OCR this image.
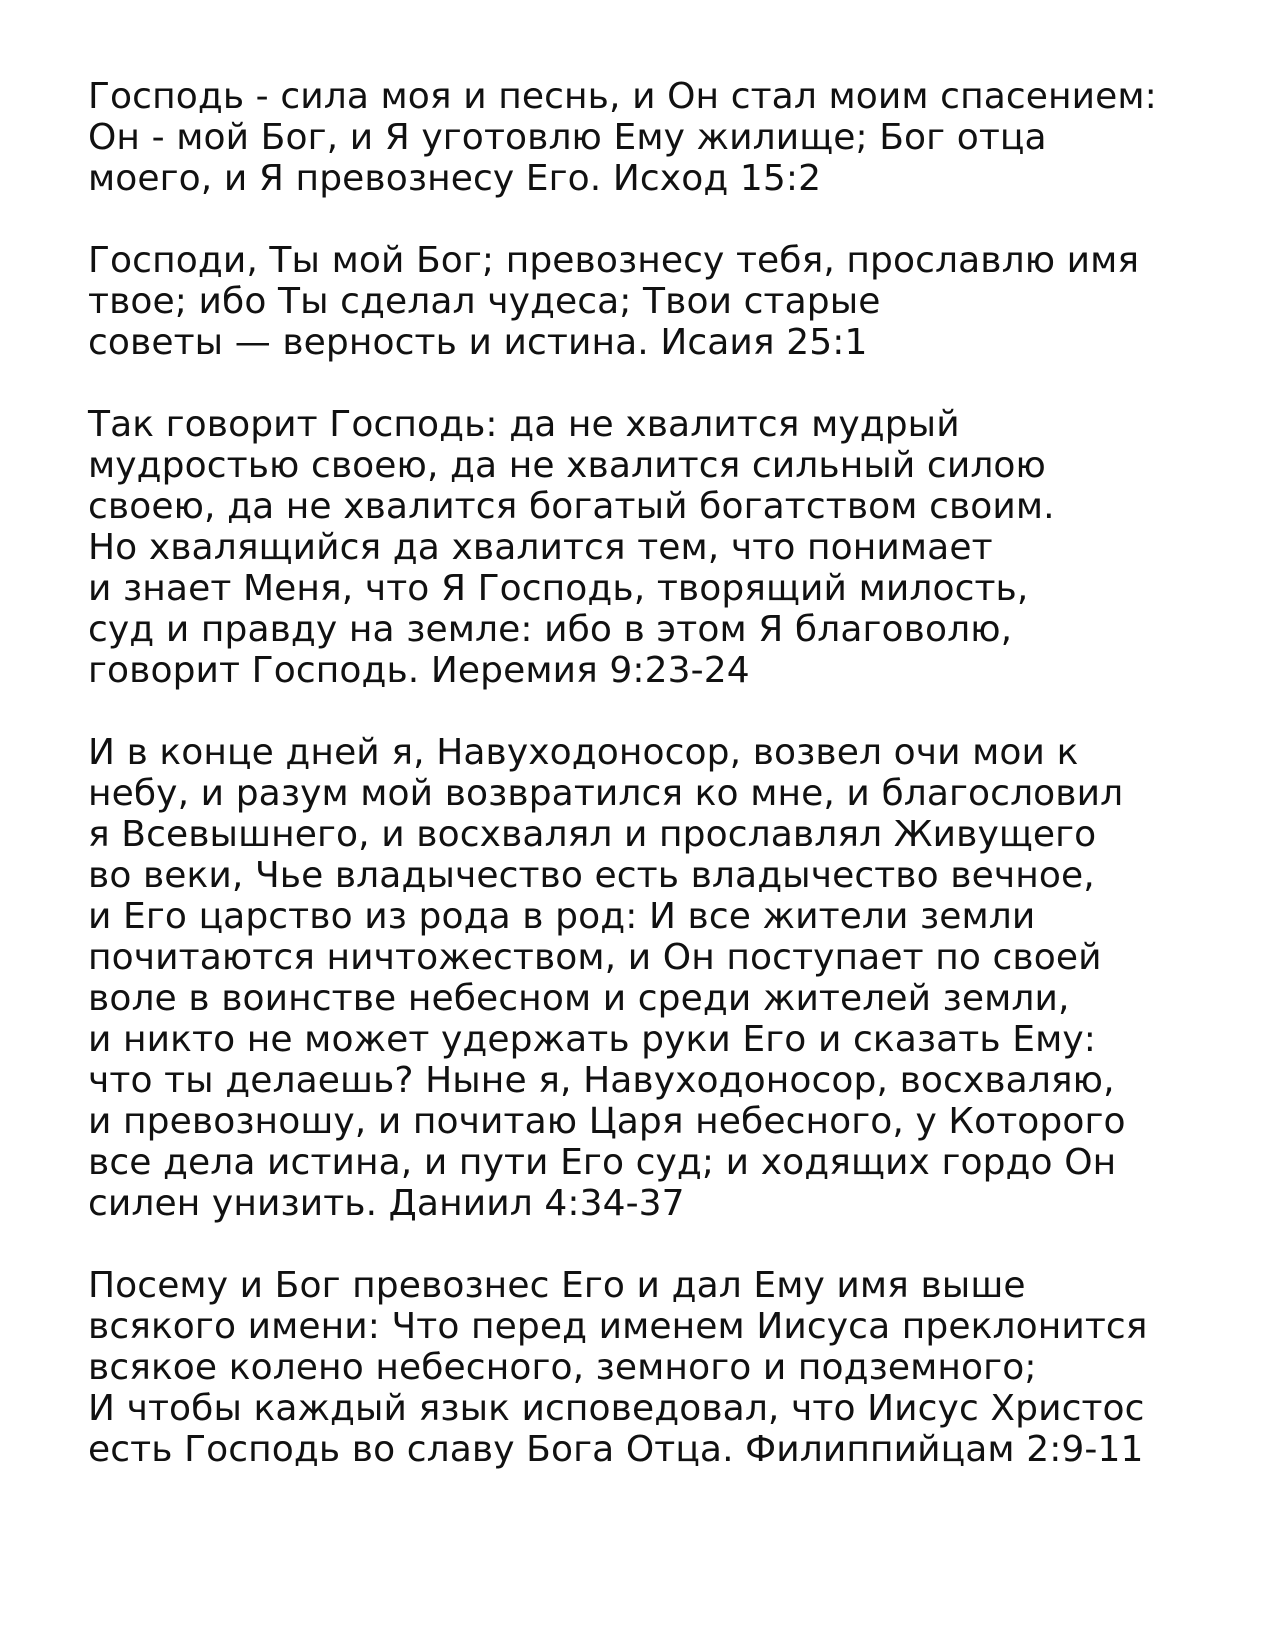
Господь - сила моя и песнь, и Он стал моим спасением:
Он - мой Бог, и Я уготовлю Ему жилище; Бог отца
моего, и Я превознесу Его. Исход 15:2

Господи, Ты мой Бог; превознесу тебя, прославлю имя
твое; ибо Ты сделал чудеса; Твои старые
советы — верность и истина. Исаия 25:1

Так говорит Господь: да не хвалится мудрый
мудростью своею, да не хвалится сильный силою
своею, да не хвалится богатый богатством своим.
Но хвалящийся да хвалится тем, что понимает
и знает Меня, что Я Господь, творящий милость,
суд и правду на земле: ибо в этом Я благоволю,
говорит Господь. Иеремия 9:23-24

И в конце дней я, Навуходоносор, возвел очи мои к
небу, и разум мой возвратился ко мне, и благословил
я Всевышнего, и восхвалял и прославлял Живущего
во веки, Чье владычество есть владычество вечное,
и Его царство из рода в род: И все жители земли
почитаются ничтожеством, и Он поступает по своей
воле в воинстве небесном и среди жителей земли,
и никто не может удержать руки Его и сказать Ему:
что ты делаешь? Ныне я, Навуходоносор, восхваляю,
и превозношу, и почитаю Царя небесного, у Которого
все дела истина, и пути Его суд; и ходящих гордо Он
силен унизить. Даниил 4:34-37

Посему и Бог превознес Его и дал Ему имя выше
всякого имени: Что перед именем Иисуса преклонится
всякое колено небесного, земного и подземного;
И чтобы каждый язык исповедовал, что Иисус Христос
есть Господь во славу Бога Отца. Филиппийцам 2:9-11
